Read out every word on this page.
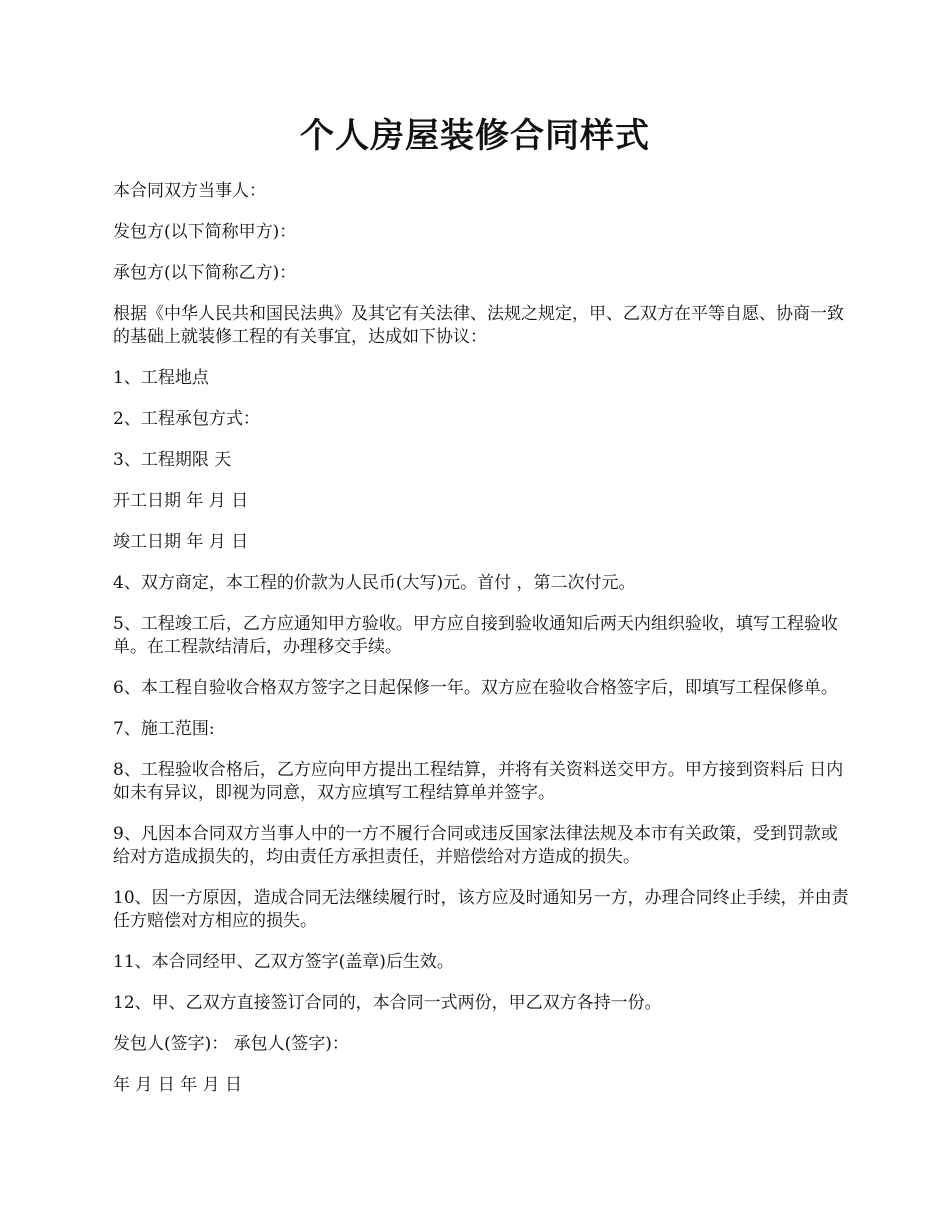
个人房屋装修合同样式

本合同双方当事人：

发包方(以下简称甲方)：

承包方(以下简称乙方)：

根据《中华人民共和国民法典》及其它有关法律、法规之规定，甲、乙双方在平等自愿、协商一致的基础上就装修工程的有关事宜，达成如下协议：

1、工程地点

2、工程承包方式：

3、工程期限 天

开工日期 年 月 日

竣工日期 年 月 日

4、双方商定，本工程的价款为人民币(大写)元。首付 ，第二次付元。

5、工程竣工后，乙方应通知甲方验收。甲方应自接到验收通知后两天内组织验收，填写工程验收单。在工程款结清后，办理移交手续。

6、本工程自验收合格双方签字之日起保修一年。双方应在验收合格签字后，即填写工程保修单。

7、施工范围:

8、工程验收合格后，乙方应向甲方提出工程结算，并将有关资料送交甲方。甲方接到资料后 日内如未有异议，即视为同意，双方应填写工程结算单并签字。

9、凡因本合同双方当事人中的一方不履行合同或违反国家法律法规及本市有关政策，受到罚款或给对方造成损失的，均由责任方承担责任，并赔偿给对方造成的损失。

10、因一方原因，造成合同无法继续履行时，该方应及时通知另一方，办理合同终止手续，并由责任方赔偿对方相应的损失。

11、本合同经甲、乙双方签字(盖章)后生效。

12、甲、乙双方直接签订合同的，本合同一式两份，甲乙双方各持一份。

发包人(签字)： 承包人(签字)：

年 月 日 年 月 日
